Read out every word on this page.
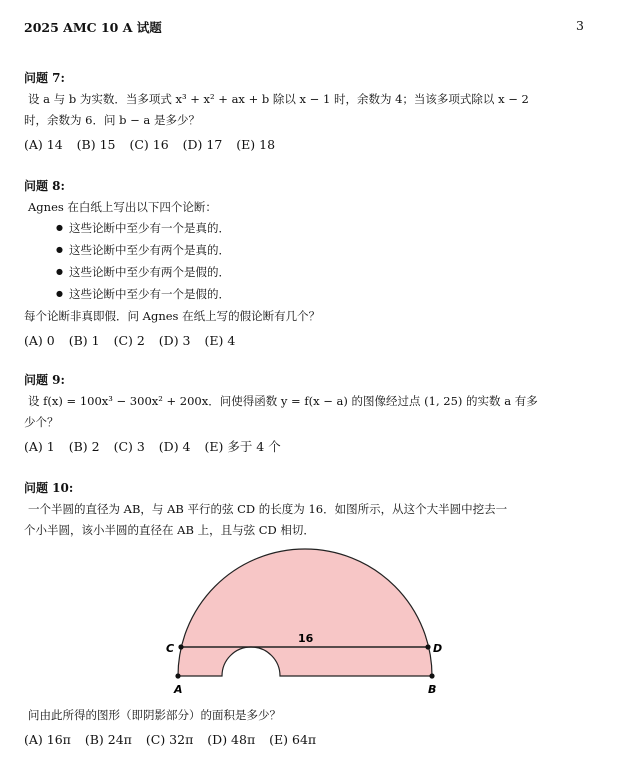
2025 AMC 10 A 试题	3
问题 7:
设 a 与 b 为实数．当多项式 x³ + x² + ax + b 除以 x − 1 时，余数为 4；当该多项式除以 x − 2
时，余数为 6．问 b − a 是多少？
(A) 14 (B) 15 (C) 16 (D) 17 (E) 18
问题 8:
Agnes 在白纸上写出以下四个论断：
● 这些论断中至少有一个是真的．
● 这些论断中至少有两个是真的．
● 这些论断中至少有两个是假的．
● 这些论断中至少有一个是假的．
每个论断非真即假．问 Agnes 在纸上写的假论断有几个？
(A) 0 (B) 1 (C) 2 (D) 3 (E) 4
问题 9:
设 f(x) = 100x³ − 300x² + 200x．问使得函数 y = f(x − a) 的图像经过点 (1, 25) 的实数 a 有多
少个？
(A) 1 (B) 2 (C) 3 (D) 4 (E) 多于 4 个
问题 10:
一个半圆的直径为 AB，与 AB 平行的弦 CD 的长度为 16．如图所示，从这个大半圆中挖去一
个小半圆，该小半圆的直径在 AB 上，且与弦 CD 相切．
C	D
A	B
16
问由此所得的图形（即阴影部分）的面积是多少？
(A) 16π (B) 24π (C) 32π (D) 48π (E) 64π
